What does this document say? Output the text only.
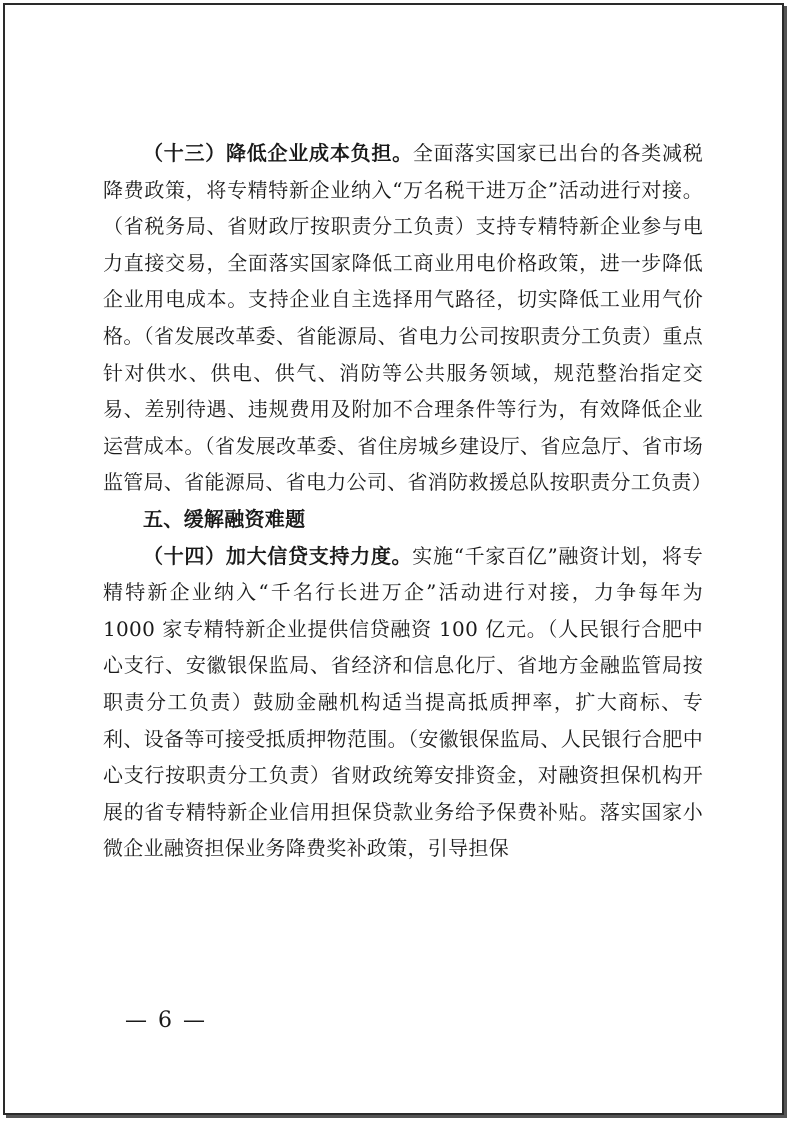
（十三）降低企业成本负担。全面落实国家已出台的各类减税降费政策，将专精特新企业纳入“万名税干进万企”活动进行对接。（省税务局、省财政厅按职责分工负责）支持专精特新企业参与电力直接交易，全面落实国家降低工商业用电价格政策，进一步降低企业用电成本。支持企业自主选择用气路径，切实降低工业用气价格。（省发展改革委、省能源局、省电力公司按职责分工负责）重点针对供水、供电、供气、消防等公共服务领域，规范整治指定交易、差别待遇、违规费用及附加不合理条件等行为，有效降低企业运营成本。（省发展改革委、省住房城乡建设厅、省应急厅、省市场监管局、省能源局、省电力公司、省消防救援总队按职责分工负责）

五、缓解融资难题

（十四）加大信贷支持力度。实施“千家百亿”融资计划，将专精特新企业纳入“千名行长进万企”活动进行对接，力争每年为 1000 家专精特新企业提供信贷融资 100 亿元。（人民银行合肥中心支行、安徽银保监局、省经济和信息化厅、省地方金融监管局按职责分工负责）鼓励金融机构适当提高抵质押率，扩大商标、专利、设备等可接受抵质押物范围。（安徽银保监局、人民银行合肥中心支行按职责分工负责）省财政统筹安排资金，对融资担保机构开展的省专精特新企业信用担保贷款业务给予保费补贴。落实国家小微企业融资担保业务降费奖补政策，引导担保

— 6 —
